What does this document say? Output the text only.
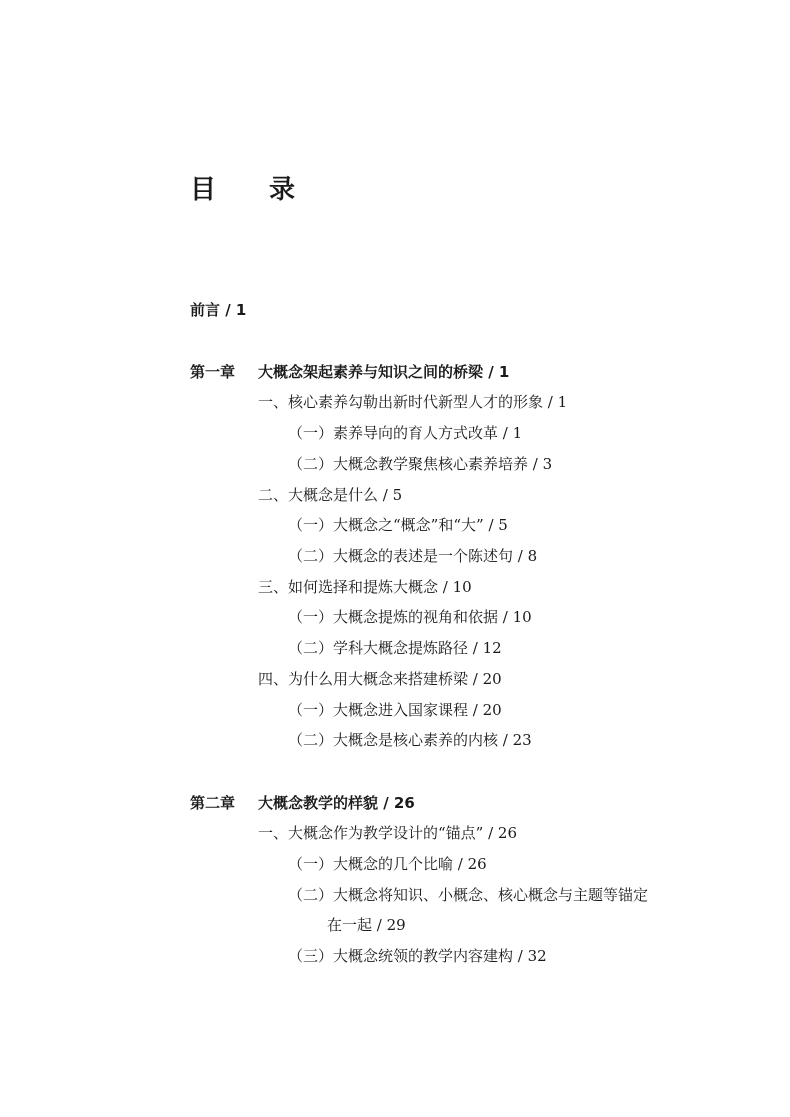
目 录
前言 / 1
第一章 大概念架起素养与知识之间的桥梁 / 1
一、核心素养勾勒出新时代新型人才的形象 / 1
（一）素养导向的育人方式改革 / 1
（二）大概念教学聚焦核心素养培养 / 3
二、大概念是什么 / 5
（一）大概念之“概念”和“大” / 5
（二）大概念的表述是一个陈述句 / 8
三、如何选择和提炼大概念 / 10
（一）大概念提炼的视角和依据 / 10
（二）学科大概念提炼路径 / 12
四、为什么用大概念来搭建桥梁 / 20
（一）大概念进入国家课程 / 20
（二）大概念是核心素养的内核 / 23
第二章 大概念教学的样貌 / 26
一、大概念作为教学设计的“锚点” / 26
（一）大概念的几个比喻 / 26
（二）大概念将知识、小概念、核心概念与主题等锚定
在一起 / 29
（三）大概念统领的教学内容建构 / 32
